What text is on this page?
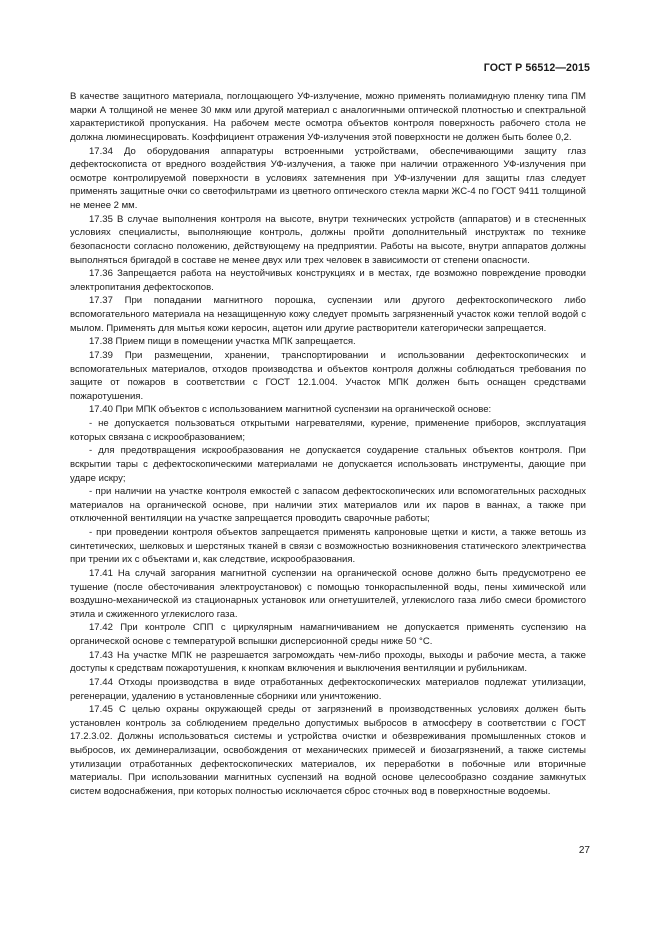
ГОСТ Р 56512—2015

В качестве защитного материала, поглощающего УФ-излучение, можно применять полиамидную пленку типа ПМ марки А толщиной не менее 30 мкм или другой материал с аналогичными оптической плотностью и спектральной характеристикой пропускания. На рабочем месте осмотра объектов контроля поверхность рабочего стола не должна люминесцировать. Коэффициент отражения УФ-излучения этой поверхности не должен быть более 0,2.

17.34 До оборудования аппаратуры встроенными устройствами, обеспечивающими защиту глаз дефектоскописта от вредного воздействия УФ-излучения, а также при наличии отраженного УФ-излучения при осмотре контролируемой поверхности в условиях затемнения при УФ-излучении для защиты глаз следует применять защитные очки со светофильтрами из цветного оптического стекла марки ЖС-4 по ГОСТ 9411 толщиной не менее 2 мм.

17.35 В случае выполнения контроля на высоте, внутри технических устройств (аппаратов) и в стесненных условиях специалисты, выполняющие контроль, должны пройти дополнительный инструктаж по технике безопасности согласно положению, действующему на предприятии. Работы на высоте, внутри аппаратов должны выполняться бригадой в составе не менее двух или трех человек в зависимости от степени опасности.

17.36 Запрещается работа на неустойчивых конструкциях и в местах, где возможно повреждение проводки электропитания дефектоскопов.

17.37 При попадании магнитного порошка, суспензии или другого дефектоскопического либо вспомогательного материала на незащищенную кожу следует промыть загрязненный участок кожи теплой водой с мылом. Применять для мытья кожи керосин, ацетон или другие растворители категорически запрещается.

17.38 Прием пищи в помещении участка МПК запрещается.

17.39 При размещении, хранении, транспортировании и использовании дефектоскопических и вспомогательных материалов, отходов производства и объектов контроля должны соблюдаться требования по защите от пожаров в соответствии с ГОСТ 12.1.004. Участок МПК должен быть оснащен средствами пожаротушения.

17.40 При МПК объектов с использованием магнитной суспензии на органической основе:

- не допускается пользоваться открытыми нагревателями, курение, применение приборов, эксплуатация которых связана с искрообразованием;

- для предотвращения искрообразования не допускается соударение стальных объектов контроля. При вскрытии тары с дефектоскопическими материалами не допускается использовать инструменты, дающие при ударе искру;

- при наличии на участке контроля емкостей с запасом дефектоскопических или вспомогательных расходных материалов на органической основе, при наличии этих материалов или их паров в ваннах, а также при отключенной вентиляции на участке запрещается проводить сварочные работы;

- при проведении контроля объектов запрещается применять капроновые щетки и кисти, а также ветошь из синтетических, шелковых и шерстяных тканей в связи с возможностью возникновения статического электричества при трении их с объектами и, как следствие, искрообразования.

17.41 На случай загорания магнитной суспензии на органической основе должно быть предусмотрено ее тушение (после обесточивания электроустановок) с помощью тонкораспыленной воды, пены химической или воздушно-механической из стационарных установок или огнетушителей, углекислого газа либо смеси бромистого этила и сжиженного углекислого газа.

17.42 При контроле СПП с циркулярным намагничиванием не допускается применять суспензию на органической основе с температурой вспышки дисперсионной среды ниже 50 °С.

17.43 На участке МПК не разрешается загромождать чем-либо проходы, выходы и рабочие места, а также доступы к средствам пожаротушения, к кнопкам включения и выключения вентиляции и рубильникам.

17.44 Отходы производства в виде отработанных дефектоскопических материалов подлежат утилизации, регенерации, удалению в установленные сборники или уничтожению.

17.45 С целью охраны окружающей среды от загрязнений в производственных условиях должен быть установлен контроль за соблюдением предельно допустимых выбросов в атмосферу в соответствии с ГОСТ 17.2.3.02. Должны использоваться системы и устройства очистки и обезвреживания промышленных стоков и выбросов, их деминерализации, освобождения от механических примесей и биозагрязнений, а также системы утилизации отработанных дефектоскопических материалов, их переработки в побочные или вторичные материалы. При использовании магнитных суспензий на водной основе целесообразно создание замкнутых систем водоснабжения, при которых полностью исключается сброс сточных вод в поверхностные водоемы.

27
